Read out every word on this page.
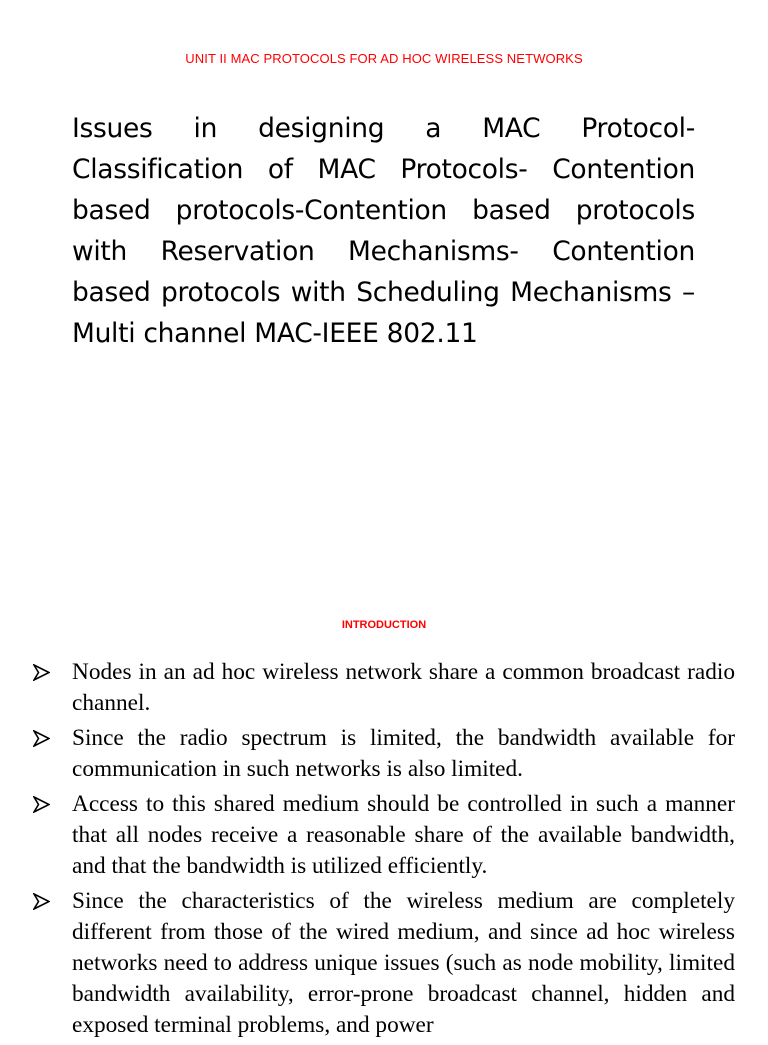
UNIT II MAC PROTOCOLS FOR AD HOC WIRELESS NETWORKS
Issues in designing a MAC Protocol- Classification of MAC Protocols- Contention based protocols-Contention based protocols with Reservation Mechanisms- Contention based protocols with Scheduling Mechanisms – Multi channel MAC-IEEE 802.11
INTRODUCTION
Nodes in an ad hoc wireless network share a common broadcast radio channel.
Since the radio spectrum is limited, the bandwidth available for communication in such networks is also limited.
Access to this shared medium should be controlled in such a manner that all nodes receive a reasonable share of the available bandwidth, and that the bandwidth is utilized efficiently.
Since the characteristics of the wireless medium are completely different from those of the wired medium, and since ad hoc wireless networks need to address unique issues (such as node mobility, limited bandwidth availability, error-prone broadcast channel, hidden and exposed terminal problems, and power
